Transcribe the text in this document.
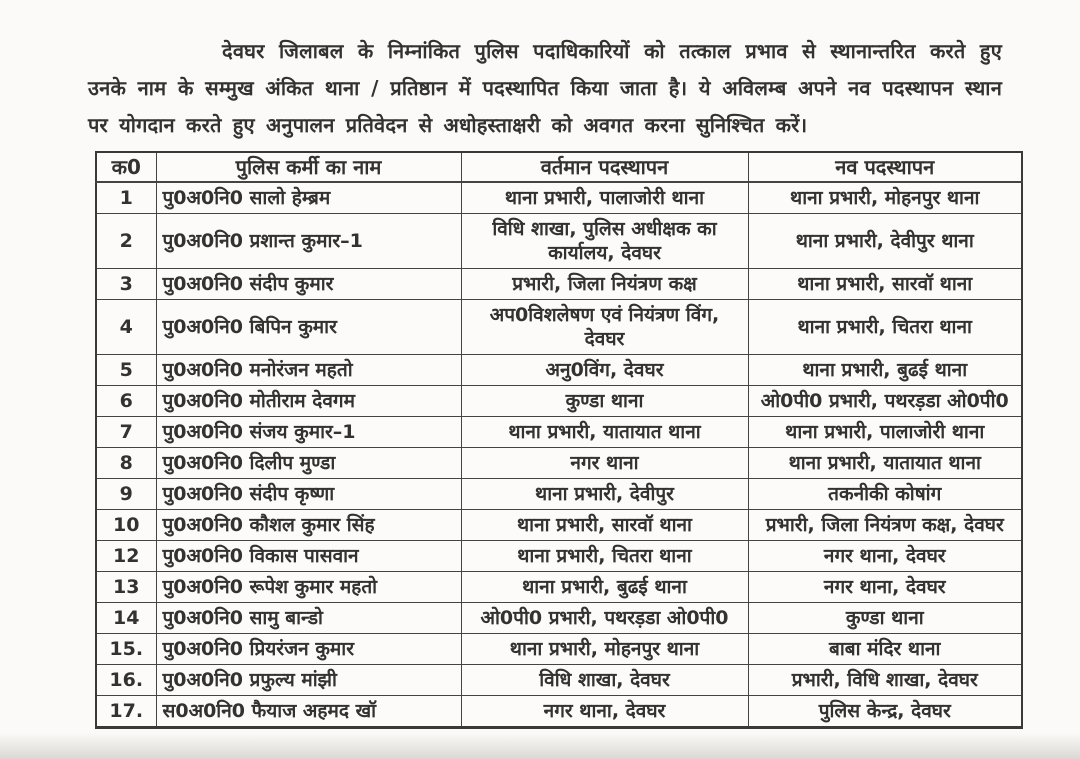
देवघर जिलाबल के निम्नांकित पुलिस पदाधिकारियों को तत्काल प्रभाव से स्थानान्तरित करते हुए
उनके नाम के सम्मुख अंकित थाना / प्रतिष्ठान में पदस्थापित किया जाता है। ये अविलम्ब अपने नव पदस्थापन स्थान
पर योगदान करते हुए अनुपालन प्रतिवेदन से अधोहस्ताक्षरी को अवगत करना सुनिश्चित करें।
क0	पुलिस कर्मी का नाम	वर्तमान पदस्थापन	नव पदस्थापन
1	पु0अ0नि0 सालो हेम्ब्रम	थाना प्रभारी, पालाजोरी थाना	थाना प्रभारी, मोहनपुर थाना
2	पु0अ0नि0 प्रशान्त कुमार–1	विधि शाखा, पुलिस अधीक्षक का कार्यालय, देवघर	थाना प्रभारी, देवीपुर थाना
3	पु0अ0नि0 संदीप कुमार	प्रभारी, जिला नियंत्रण कक्ष	थाना प्रभारी, सारवॉ थाना
4	पु0अ0नि0 बिपिन कुमार	अप0विशलेषण एवं नियंत्रण विंग, देवघर	थाना प्रभारी, चितरा थाना
5	पु0अ0नि0 मनोरंजन महतो	अनु0विंग, देवघर	थाना प्रभारी, बुढई थाना
6	पु0अ0नि0 मोतीराम देवगम	कुण्डा थाना	ओ0पी0 प्रभारी, पथरड़डा ओ0पी0
7	पु0अ0नि0 संजय कुमार–1	थाना प्रभारी, यातायात थाना	थाना प्रभारी, पालाजोरी थाना
8	पु0अ0नि0 दिलीप मुण्डा	नगर थाना	थाना प्रभारी, यातायात थाना
9	पु0अ0नि0 संदीप कृष्णा	थाना प्रभारी, देवीपुर	तकनीकी कोषांग
10	पु0अ0नि0 कौशल कुमार सिंह	थाना प्रभारी, सारवॉ थाना	प्रभारी, जिला नियंत्रण कक्ष, देवघर
12	पु0अ0नि0 विकास पासवान	थाना प्रभारी, चितरा थाना	नगर थाना, देवघर
13	पु0अ0नि0 रूपेश कुमार महतो	थाना प्रभारी, बुढई थाना	नगर थाना, देवघर
14	पु0अ0नि0 सामु बान्डो	ओ0पी0 प्रभारी, पथरड़डा ओ0पी0	कुण्डा थाना
15.	पु0अ0नि0 प्रियरंजन कुमार	थाना प्रभारी, मोहनपुर थाना	बाबा मंदिर थाना
16.	पु0अ0नि0 प्रफुल्य मांझी	विधि शाखा, देवघर	प्रभारी, विधि शाखा, देवघर
17.	स0अ0नि0 फैयाज अहमद खॉ	नगर थाना, देवघर	पुलिस केन्द्र, देवघर
